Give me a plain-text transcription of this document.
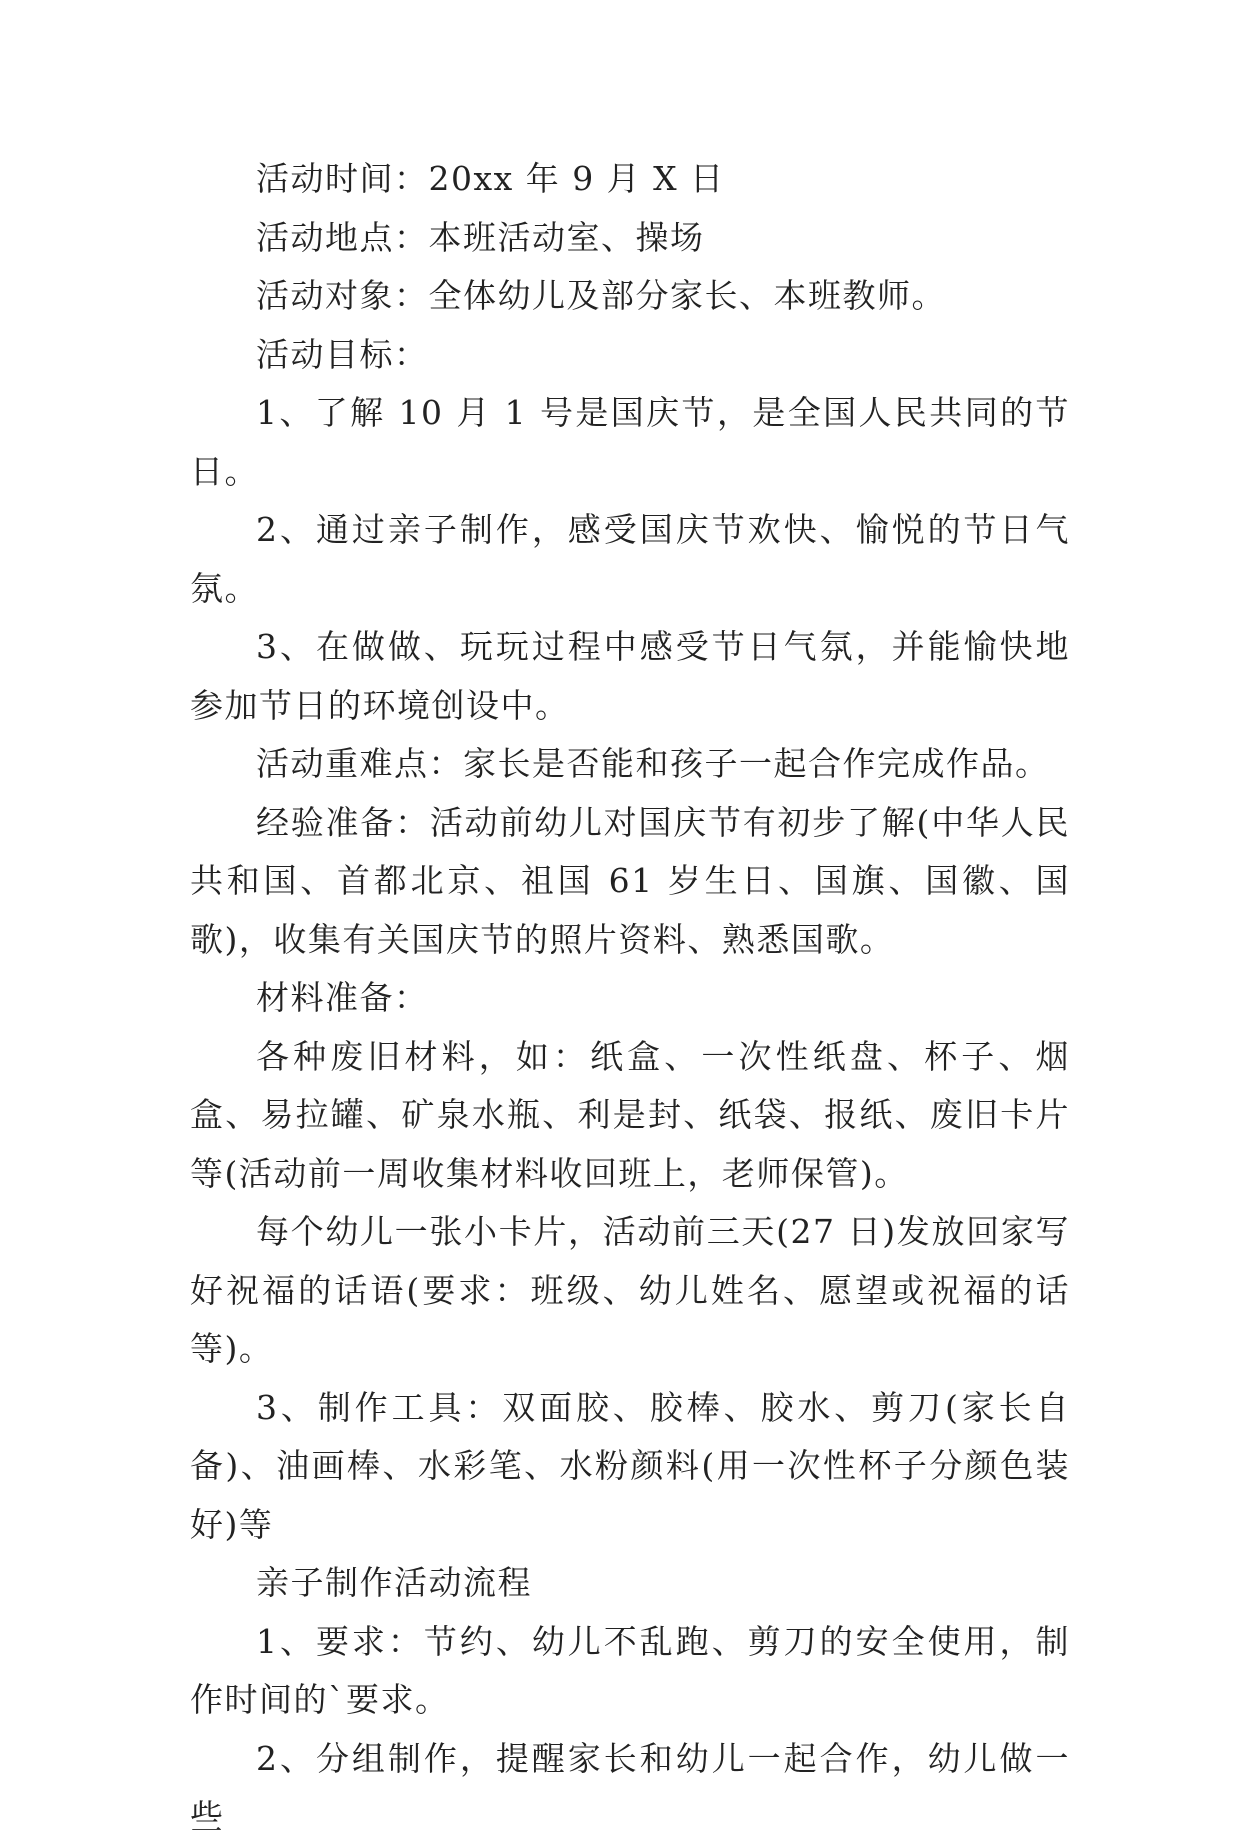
活动时间：20xx 年 9 月 X 日

活动地点：本班活动室、操场

活动对象：全体幼儿及部分家长、本班教师。

活动目标：

1、了解 10 月 1 号是国庆节，是全国人民共同的节日。

2、通过亲子制作，感受国庆节欢快、愉悦的节日气氛。

3、在做做、玩玩过程中感受节日气氛，并能愉快地参加节日的环境创设中。

活动重难点：家长是否能和孩子一起合作完成作品。

经验准备：活动前幼儿对国庆节有初步了解(中华人民共和国、首都北京、祖国 61 岁生日、国旗、国徽、国歌)，收集有关国庆节的照片资料、熟悉国歌。

材料准备：

各种废旧材料，如：纸盒、一次性纸盘、杯子、烟盒、易拉罐、矿泉水瓶、利是封、纸袋、报纸、废旧卡片等(活动前一周收集材料收回班上，老师保管)。

每个幼儿一张小卡片，活动前三天(27 日)发放回家写好祝福的话语(要求：班级、幼儿姓名、愿望或祝福的话等)。

3、制作工具：双面胶、胶棒、胶水、剪刀(家长自备)、油画棒、水彩笔、水粉颜料(用一次性杯子分颜色装好)等

亲子制作活动流程

1、要求：节约、幼儿不乱跑、剪刀的安全使用，制作时间的`要求。

2、分组制作，提醒家长和幼儿一起合作，幼儿做一些
